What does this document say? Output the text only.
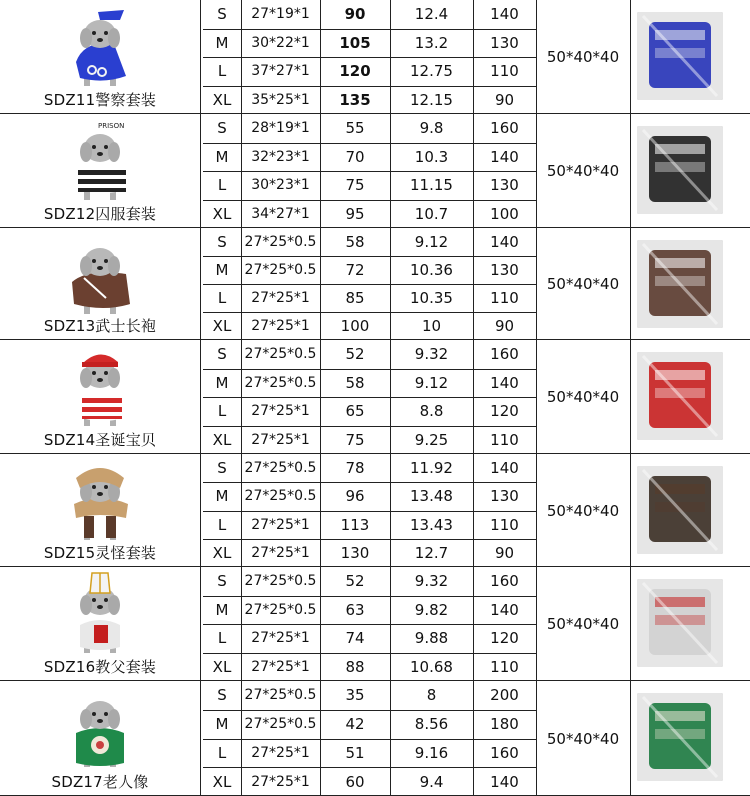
SDZ11警察套装
S	27*19*1	90	12.4	140
M	30*22*1	105	13.2	130
L	37*27*1	120	12.75	110
XL	35*25*1	135	12.15	90
50*40*40
PRISON
SDZ12囚服套装
S	28*19*1	55	9.8	160
M	32*23*1	70	10.3	140
L	30*23*1	75	11.15	130
XL	34*27*1	95	10.7	100
50*40*40
SDZ13武士长袍
S	27*25*0.5	58	9.12	140
M	27*25*0.5	72	10.36	130
L	27*25*1	85	10.35	110
XL	27*25*1	100	10	90
50*40*40
SDZ14圣诞宝贝
S	27*25*0.5	52	9.32	160
M	27*25*0.5	58	9.12	140
L	27*25*1	65	8.8	120
XL	27*25*1	75	9.25	110
50*40*40
SDZ15灵怪套装
S	27*25*0.5	78	11.92	140
M	27*25*0.5	96	13.48	130
L	27*25*1	113	13.43	110
XL	27*25*1	130	12.7	90
50*40*40
SDZ16教父套装
S	27*25*0.5	52	9.32	160
M	27*25*0.5	63	9.82	140
L	27*25*1	74	9.88	120
XL	27*25*1	88	10.68	110
50*40*40
SDZ17老人像
S	27*25*0.5	35	8	200
M	27*25*0.5	42	8.56	180
L	27*25*1	51	9.16	160
XL	27*25*1	60	9.4	140
50*40*40
